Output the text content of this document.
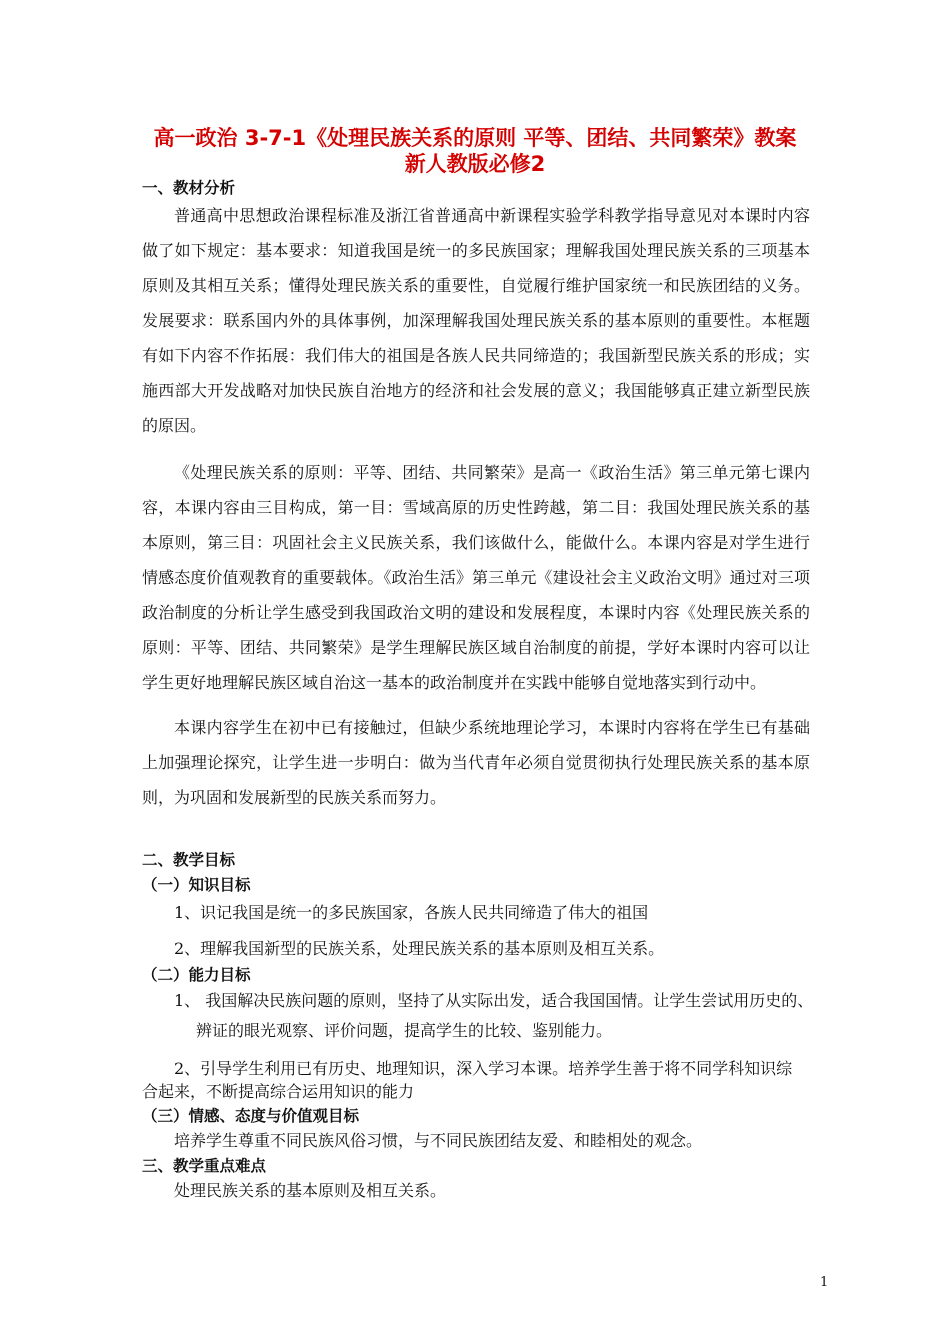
高一政治 3-7-1《处理民族关系的原则 平等、团结、共同繁荣》教案
新人教版必修2
一、教材分析
普通高中思想政治课程标准及浙江省普通高中新课程实验学科教学指导意见对本课时内容做了如下规定：基本要求：知道我国是统一的多民族国家；理解我国处理民族关系的三项基本原则及其相互关系；懂得处理民族关系的重要性，自觉履行维护国家统一和民族团结的义务。发展要求：联系国内外的具体事例，加深理解我国处理民族关系的基本原则的重要性。本框题有如下内容不作拓展：我们伟大的祖国是各族人民共同缔造的；我国新型民族关系的形成；实施西部大开发战略对加快民族自治地方的经济和社会发展的意义；我国能够真正建立新型民族的原因。
《处理民族关系的原则：平等、团结、共同繁荣》是高一《政治生活》第三单元第七课内容，本课内容由三目构成，第一目：雪域高原的历史性跨越，第二目：我国处理民族关系的基本原则，第三目：巩固社会主义民族关系，我们该做什么，能做什么。本课内容是对学生进行情感态度价值观教育的重要载体。《政治生活》第三单元《建设社会主义政治文明》通过对三项政治制度的分析让学生感受到我国政治文明的建设和发展程度，本课时内容《处理民族关系的原则：平等、团结、共同繁荣》是学生理解民族区域自治制度的前提，学好本课时内容可以让学生更好地理解民族区域自治这一基本的政治制度并在实践中能够自觉地落实到行动中。
本课内容学生在初中已有接触过，但缺少系统地理论学习，本课时内容将在学生已有基础上加强理论探究，让学生进一步明白：做为当代青年必须自觉贯彻执行处理民族关系的基本原则，为巩固和发展新型的民族关系而努力。
二、教学目标
（一）知识目标
1、识记我国是统一的多民族国家，各族人民共同缔造了伟大的祖国
2、理解我国新型的民族关系，处理民族关系的基本原则及相互关系。
（二）能力目标
1、 我国解决民族问题的原则，坚持了从实际出发，适合我国国情。让学生尝试用历史的、
辨证的眼光观察、评价问题，提高学生的比较、鉴别能力。
2、引导学生利用已有历史、地理知识，深入学习本课。培养学生善于将不同学科知识综
合起来，不断提高综合运用知识的能力
（三）情感、态度与价值观目标
培养学生尊重不同民族风俗习惯，与不同民族团结友爱、和睦相处的观念。
三、教学重点难点
处理民族关系的基本原则及相互关系。
1
